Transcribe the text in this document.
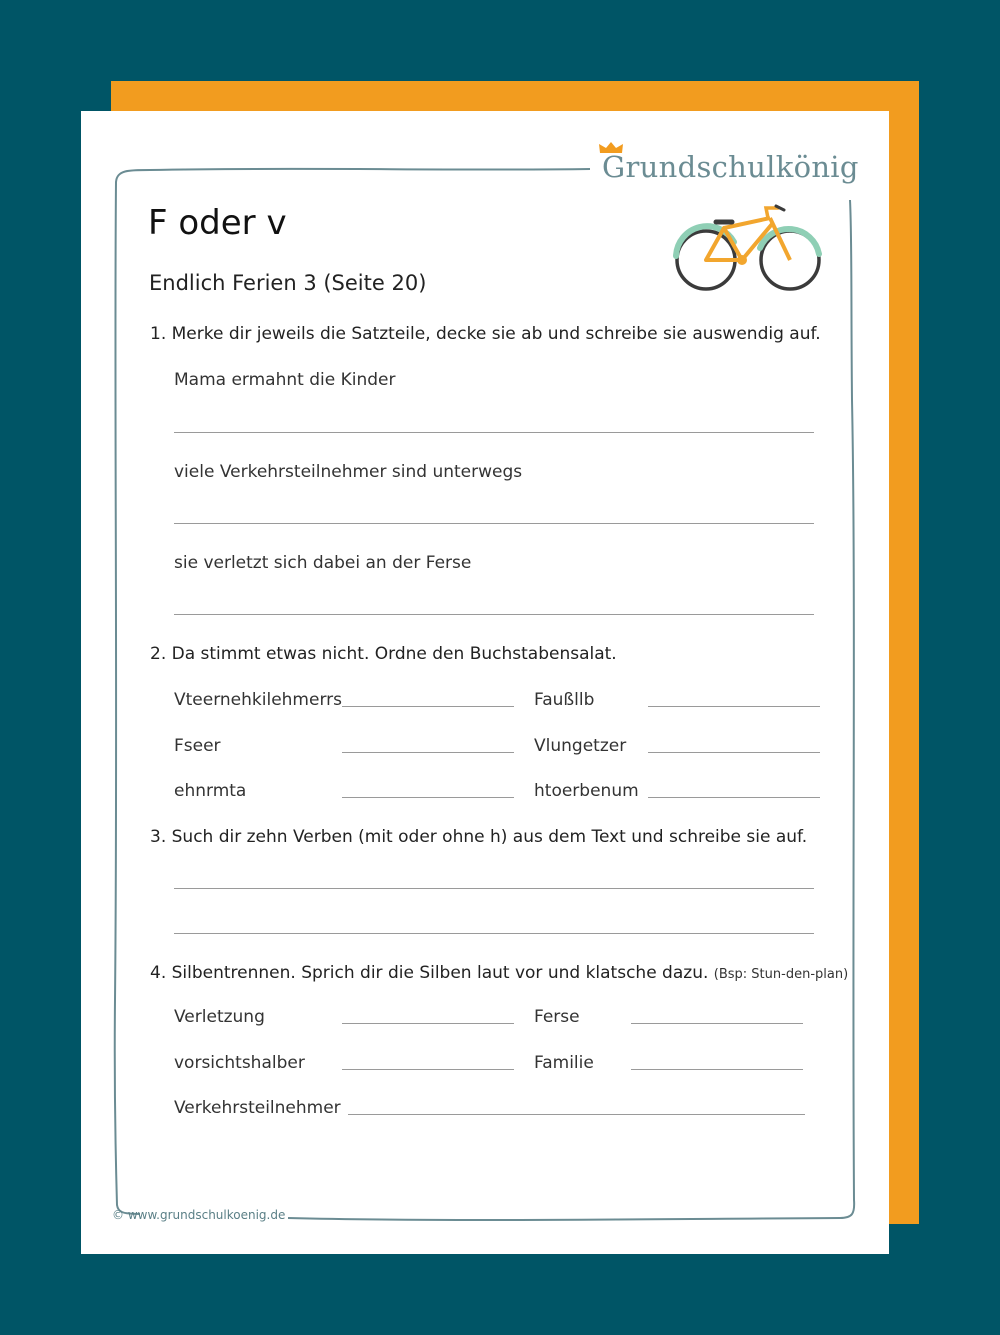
Grundschulkönig
F oder v
Endlich Ferien 3 (Seite 20)
1. Merke dir jeweils die Satzteile, decke sie ab und schreibe sie auswendig auf.
Mama ermahnt die Kinder
viele Verkehrsteilnehmer sind unterwegs
sie verletzt sich dabei an der Ferse
2. Da stimmt etwas nicht. Ordne den Buchstabensalat.
Vteernehkilehmerrs	Faußllb
Fseer	Vlungetzer
ehnrmta	htoerbenum
3. Such dir zehn Verben (mit oder ohne h) aus dem Text und schreibe sie auf.
4. Silbentrennen. Sprich dir die Silben laut vor und klatsche dazu. (Bsp: Stun-den-plan)
Verletzung	Ferse
vorsichtshalber	Familie
Verkehrsteilnehmer
© www.grundschulkoenig.de
